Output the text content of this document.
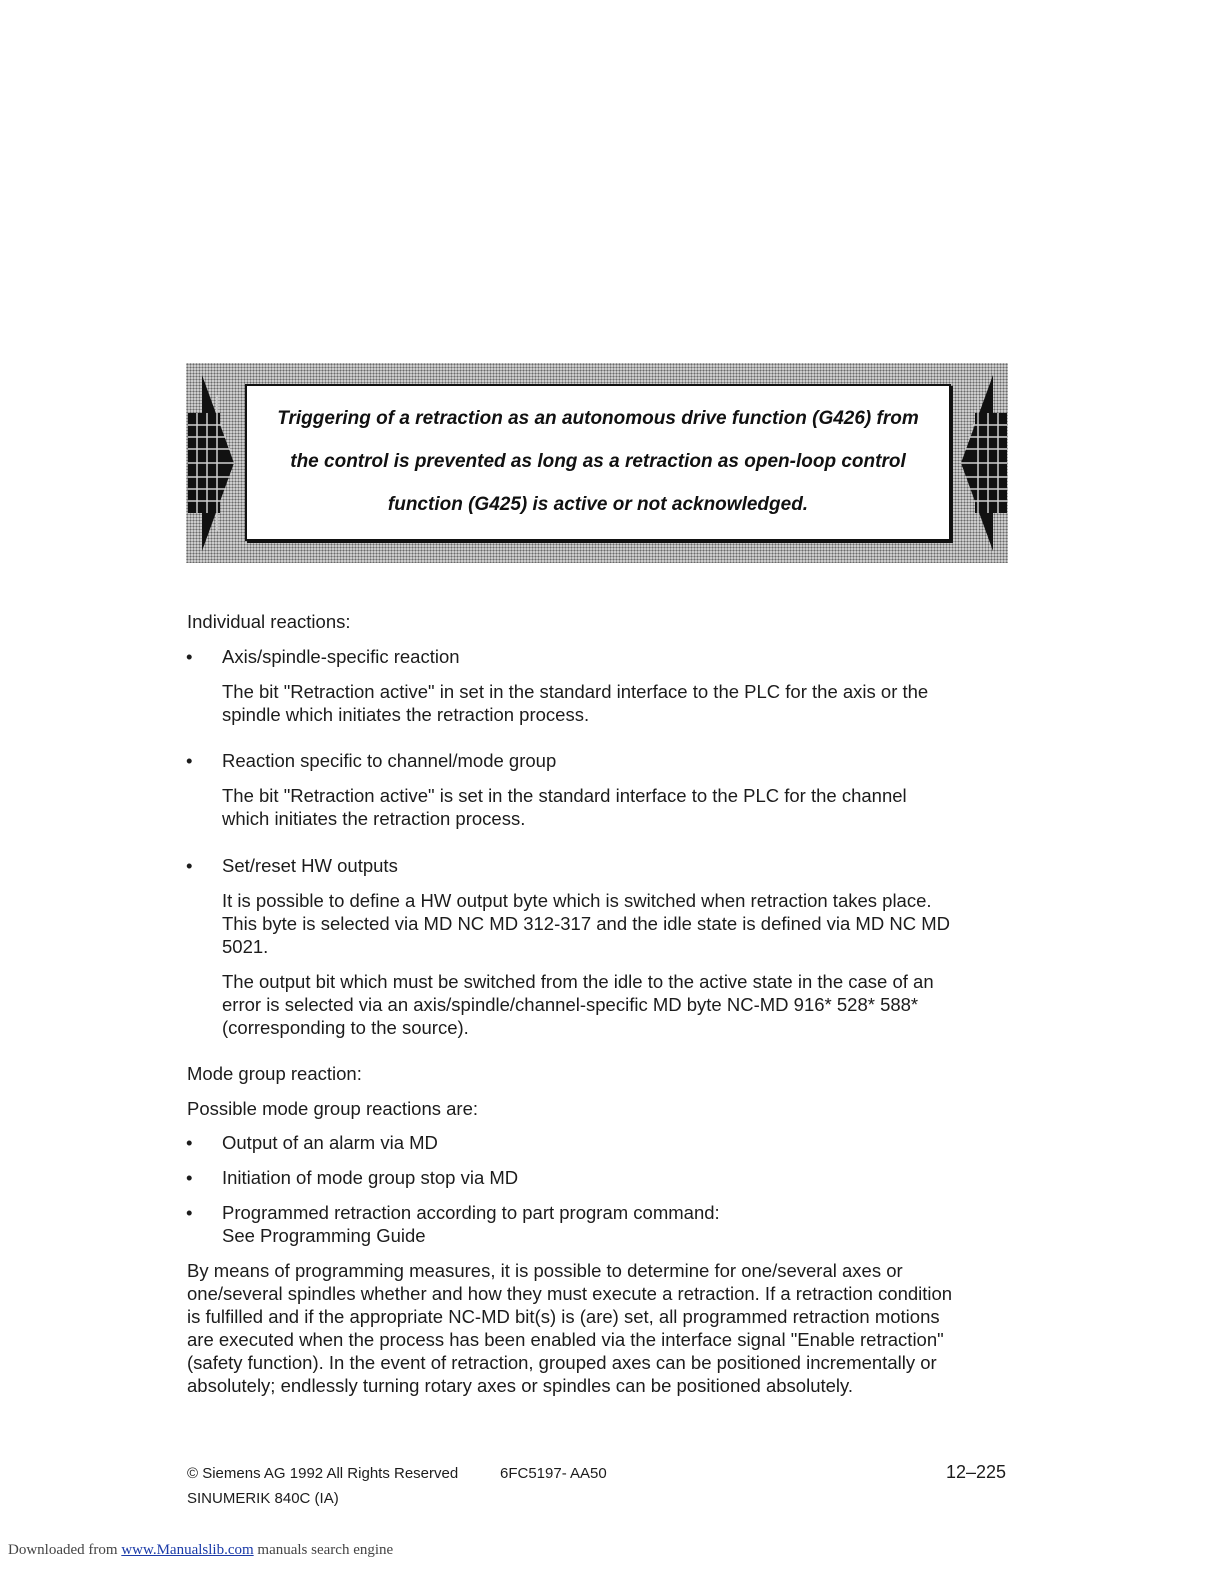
Triggering of a retraction as an autonomous drive function (G426) from
the control is prevented as long as a retraction as open-loop control
function (G425) is active or not acknowledged.
Individual reactions:
• Axis/spindle-specific reaction
The bit "Retraction active" in set in the standard interface to the PLC for the axis or the
spindle which initiates the retraction process.
• Reaction specific to channel/mode group
The bit "Retraction active" is set in the standard interface to the PLC for the channel
which initiates the retraction process.
• Set/reset HW outputs
It is possible to define a HW output byte which is switched when retraction takes place.
This byte is selected via MD NC MD 312-317 and the idle state is defined via MD NC MD
5021.
The output bit which must be switched from the idle to the active state in the case of an
error is selected via an axis/spindle/channel-specific MD byte NC-MD 916* 528* 588*
(corresponding to the source).
Mode group reaction:
Possible mode group reactions are:
• Output of an alarm via MD
• Initiation of mode group stop via MD
• Programmed retraction according to part program command:
See Programming Guide
By means of programming measures, it is possible to determine for one/several axes or
one/several spindles whether and how they must execute a retraction. If a retraction condition
is fulfilled and if the appropriate NC-MD bit(s) is (are) set, all programmed retraction motions
are executed when the process has been enabled via the interface signal "Enable retraction"
(safety function). In the event of retraction, grouped axes can be positioned incrementally or
absolutely; endlessly turning rotary axes or spindles can be positioned absolutely.
© Siemens AG 1992 All Rights Reserved	6FC5197- AA50	12–225
SINUMERIK 840C (IA)
Downloaded from www.Manualslib.com manuals search engine
